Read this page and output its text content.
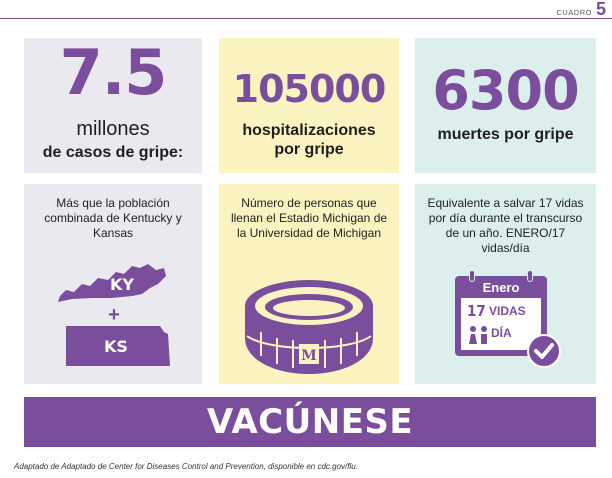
CUADRO 5
7.5
millones
de casos de gripe:
105000
hospitalizaciones
por gripe
6300
muertes por gripe
Más que la población combinada de Kentucky y Kansas
KY
+
KS
Número de personas que llenan el Estadio Michigan de la Universidad de Michigan
M
Equivalente a salvar 17 vidas por día durante el transcurso de un año. ENERO/17 vidas/día
Enero
17 VIDAS
DÍA
VACÚNESE
Adaptado de Adaptado de Center for Diseases Control and Prevention, disponible en cdc.gov/flu.
